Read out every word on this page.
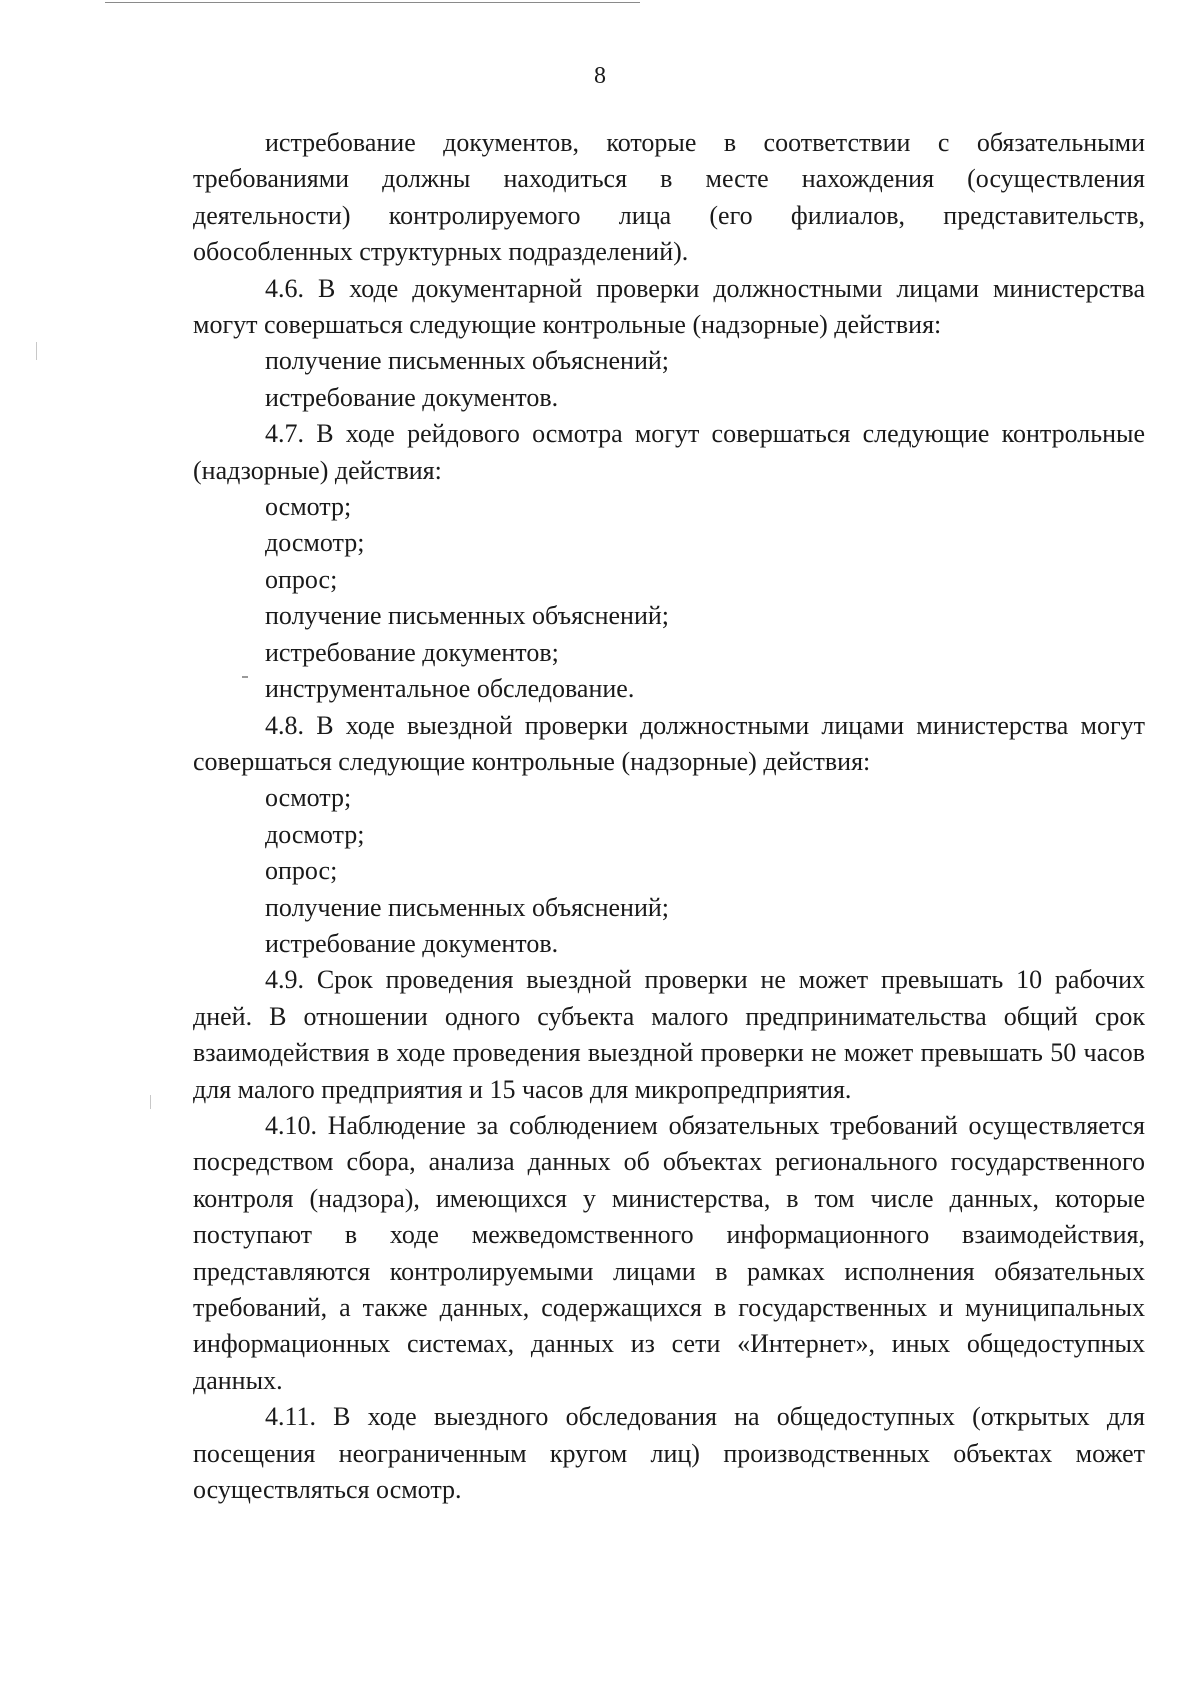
8

истребование документов, которые в соответствии с обязательными требованиями должны находиться в месте нахождения (осуществления деятельности) контролируемого лица (его филиалов, представительств, обособленных структурных подразделений).

4.6. В ходе документарной проверки должностными лицами министерства могут совершаться следующие контрольные (надзорные) действия:

получение письменных объяснений;

истребование документов.

4.7. В ходе рейдового осмотра могут совершаться следующие контрольные (надзорные) действия:

осмотр;

досмотр;

опрос;

получение письменных объяснений;

истребование документов;

инструментальное обследование.

4.8. В ходе выездной проверки должностными лицами министерства могут совершаться следующие контрольные (надзорные) действия:

осмотр;

досмотр;

опрос;

получение письменных объяснений;

истребование документов.

4.9. Срок проведения выездной проверки не может превышать 10 рабочих дней. В отношении одного субъекта малого предпринимательства общий срок взаимодействия в ходе проведения выездной проверки не может превышать 50 часов для малого предприятия и 15 часов для микропредприятия.

4.10. Наблюдение за соблюдением обязательных требований осуществляется посредством сбора, анализа данных об объектах регионального государственного контроля (надзора), имеющихся у министерства, в том числе данных, которые поступают в ходе межведомственного информационного взаимодействия, представляются контролируемыми лицами в рамках исполнения обязательных требований, а также данных, содержащихся в государственных и муниципальных информационных системах, данных из сети «Интернет», иных общедоступных данных.

4.11. В ходе выездного обследования на общедоступных (открытых для посещения неограниченным кругом лиц) производственных объектах может осуществляться осмотр.
